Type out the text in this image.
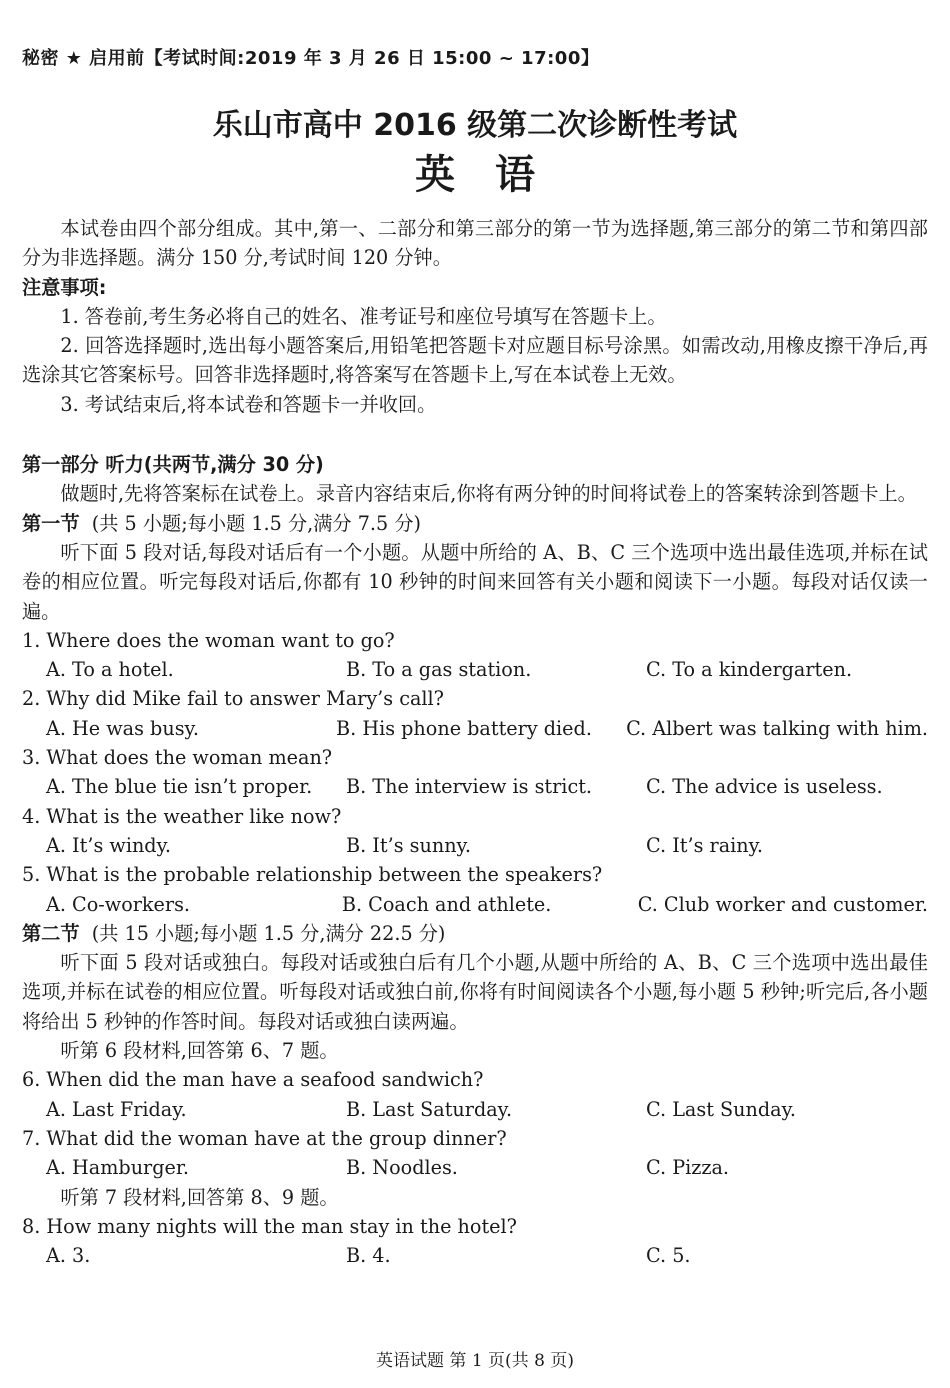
秘密 ★ 启用前【考试时间:2019 年 3 月 26 日 15:00 ~ 17:00】
乐山市高中 2016 级第二次诊断性考试
英语

本试卷由四个部分组成。其中,第一、二部分和第三部分的第一节为选择题,第三部分的第二节和第四部分为非选择题。满分 150 分,考试时间 120 分钟。

注意事项:

1. 答卷前,考生务必将自己的姓名、准考证号和座位号填写在答题卡上。

2. 回答选择题时,选出每小题答案后,用铅笔把答题卡对应题目标号涂黑。如需改动,用橡皮擦干净后,再选涂其它答案标号。回答非选择题时,将答案写在答题卡上,写在本试卷上无效。

3. 考试结束后,将本试卷和答题卡一并收回。

第一部分 听力(共两节,满分 30 分)

做题时,先将答案标在试卷上。录音内容结束后,你将有两分钟的时间将试卷上的答案转涂到答题卡上。

第一节 (共 5 小题;每小题 1.5 分,满分 7.5 分)

听下面 5 段对话,每段对话后有一个小题。从题中所给的 A、B、C 三个选项中选出最佳选项,并标在试卷的相应位置。听完每段对话后,你都有 10 秒钟的时间来回答有关小题和阅读下一小题。每段对话仅读一遍。

1. Where does the woman want to go?

A. To a hotel.	B. To a gas station.	C. To a kindergarten.

2. Why did Mike fail to answer Mary’s call?

A. He was busy.	B. His phone battery died.	C. Albert was talking with him.

3. What does the woman mean?

A. The blue tie isn’t proper.	B. The interview is strict.	C. The advice is useless.

4. What is the weather like now?

A. It’s windy.	B. It’s sunny.	C. It’s rainy.

5. What is the probable relationship between the speakers?

A. Co-workers.	B. Coach and athlete.	C. Club worker and customer.

第二节 (共 15 小题;每小题 1.5 分,满分 22.5 分)

听下面 5 段对话或独白。每段对话或独白后有几个小题,从题中所给的 A、B、C 三个选项中选出最佳选项,并标在试卷的相应位置。听每段对话或独白前,你将有时间阅读各个小题,每小题 5 秒钟;听完后,各小题将给出 5 秒钟的作答时间。每段对话或独白读两遍。

听第 6 段材料,回答第 6、7 题。

6. When did the man have a seafood sandwich?

A. Last Friday.	B. Last Saturday.	C. Last Sunday.

7. What did the woman have at the group dinner?

A. Hamburger.	B. Noodles.	C. Pizza.

听第 7 段材料,回答第 8、9 题。

8. How many nights will the man stay in the hotel?

A. 3.	B. 4.	C. 5.
英语试题 第 1 页(共 8 页)
